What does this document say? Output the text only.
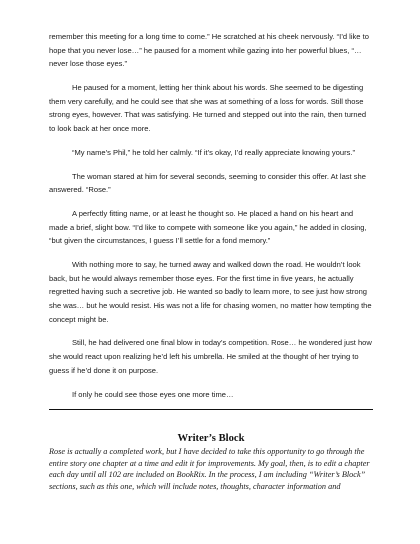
remember this meeting for a long time to come.” He scratched at his cheek nervously. “I’d like to hope that you never lose…” he paused for a moment while gazing into her powerful blues, “…never lose those eyes.”

He paused for a moment, letting her think about his words. She seemed to be digesting them very carefully, and he could see that she was at something of a loss for words. Still those strong eyes, however. That was satisfying. He turned and stepped out into the rain, then turned to look back at her once more.

“My name’s Phil,” he told her calmly. “If it’s okay, I’d really appreciate knowing yours.”

The woman stared at him for several seconds, seeming to consider this offer. At last she answered. “Rose.”

A perfectly fitting name, or at least he thought so. He placed a hand on his heart and made a brief, slight bow. “I’d like to compete with someone like you again,” he added in closing, “but given the circumstances, I guess I’ll settle for a fond memory.”

With nothing more to say, he turned away and walked down the road. He wouldn’t look back, but he would always remember those eyes. For the first time in five years, he actually regretted having such a secretive job. He wanted so badly to learn more, to see just how strong she was… but he would resist. His was not a life for chasing women, no matter how tempting the concept might be.

Still, he had delivered one final blow in today’s competition. Rose… he wondered just how she would react upon realizing he’d left his umbrella. He smiled at the thought of her trying to guess if he’d done it on purpose.

If only he could see those eyes one more time…

Writer’s Block

Rose is actually a completed work, but I have decided to take this opportunity to go through the entire story one chapter at a time and edit it for improvements. My goal, then, is to edit a chapter each day until all 102 are included on BookRix. In the process, I am including “Writer’s Block” sections, such as this one, which will include notes, thoughts, character information and
